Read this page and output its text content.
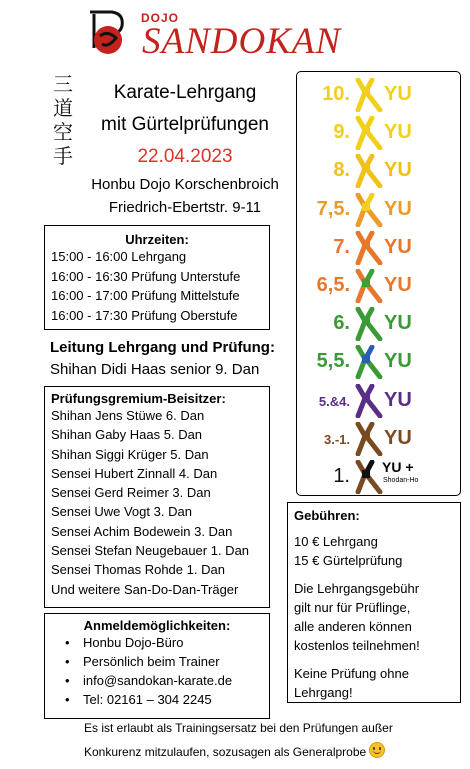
DOJO
SANDOKAN
三
道
空
手
Karate-Lehrgang
mit Gürtelprüfungen
22.04.2023
Honbu Dojo Korschenbroich
Friedrich-Ebertstr. 9-11
Uhrzeiten:
15:00 - 16:00 Lehrgang
16:00 - 16:30 Prüfung Unterstufe
16:00 - 17:00 Prüfung Mittelstufe
16:00 - 17:30 Prüfung Oberstufe
Leitung Lehrgang und Prüfung:
Shihan Didi Haas senior 9. Dan
Prüfungsgremium-Beisitzer:
Shihan Jens Stüwe 6. Dan
Shihan Gaby Haas 5. Dan
Shihan Siggi Krüger 5. Dan
Sensei Hubert Zinnall 4. Dan
Sensei Gerd Reimer 3. Dan
Sensei Uwe Vogt 3. Dan
Sensei Achim Bodewein 3. Dan
Sensei Stefan Neugebauer 1. Dan
Sensei Thomas Rohde 1. Dan
Und weitere San-Do-Dan-Träger
Anmeldemöglichkeiten:
• Honbu Dojo-Büro
• Persönlich beim Trainer
• info@sandokan-karate.de
• Tel: 02161 – 304 2245
Es ist erlaubt als Trainingsersatz bei den Prüfungen außer
Konkurenz mitzulaufen, sozusagen als Generalprobe
10. YU
9. YU
8. YU
7,5. YU
7. YU
6,5. YU
6. YU
5,5. YU
5.&4. YU
3.-1. YU
1. YU +
Shodan-Ho
Gebühren:
10 € Lehrgang
15 € Gürtelprüfung
Die Lehrgangsgebühr
gilt nur für Prüflinge,
alle anderen können
kostenlos teilnehmen!
Keine Prüfung ohne
Lehrgang!
